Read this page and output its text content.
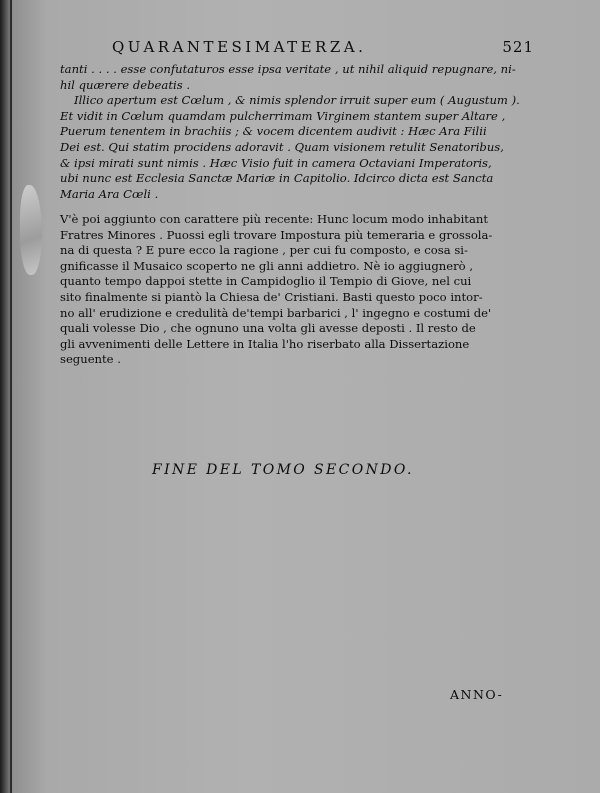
QUARANTESIMATERZA.	521

tanti . . . . esse confutaturos esse ipsa veritate , ut nihil aliquid repugnare, ni-
hil quærere debeatis .

Illico apertum est Cœlum , & nimis splendor irruit super eum ( Augustum ).
Et vidit in Cœlum quamdam pulcherrimam Virginem stantem super Altare ,
Puerum tenentem in brachiis ; & vocem dicentem audivit : Hæc Ara Filii
Dei est. Qui statim procidens adoravit . Quam visionem retulit Senatoribus,
& ipsi mirati sunt nimis . Hæc Visio fuit in camera Octaviani Imperatoris,
ubi nunc est Ecclesia Sanctæ Mariæ in Capitolio. Idcirco dicta est Sancta
Maria Ara Cœli .

V'è poi aggiunto con carattere più recente: Hunc locum modo inhabitant
Fratres Minores . Puossi egli trovare Impostura più temeraria e grossola-
na di questa ? E pure ecco la ragione , per cui fu composto, e cosa si-
gnificasse il Musaico scoperto ne gli anni addietro. Nè io aggiugnerò ,
quanto tempo dappoi stette in Campidoglio il Tempio di Giove, nel cui
sito finalmente si piantò la Chiesa de' Cristiani. Basti questo poco intor-
no all' erudizione e credulità de'tempi barbarici , l' ingegno e costumi de'
quali volesse Dio , che ognuno una volta gli avesse deposti . Il resto de
gli avvenimenti delle Lettere in Italia l'ho riserbato alla Dissertazione
seguente .

FINE DEL TOMO SECONDO.
ANNO-
